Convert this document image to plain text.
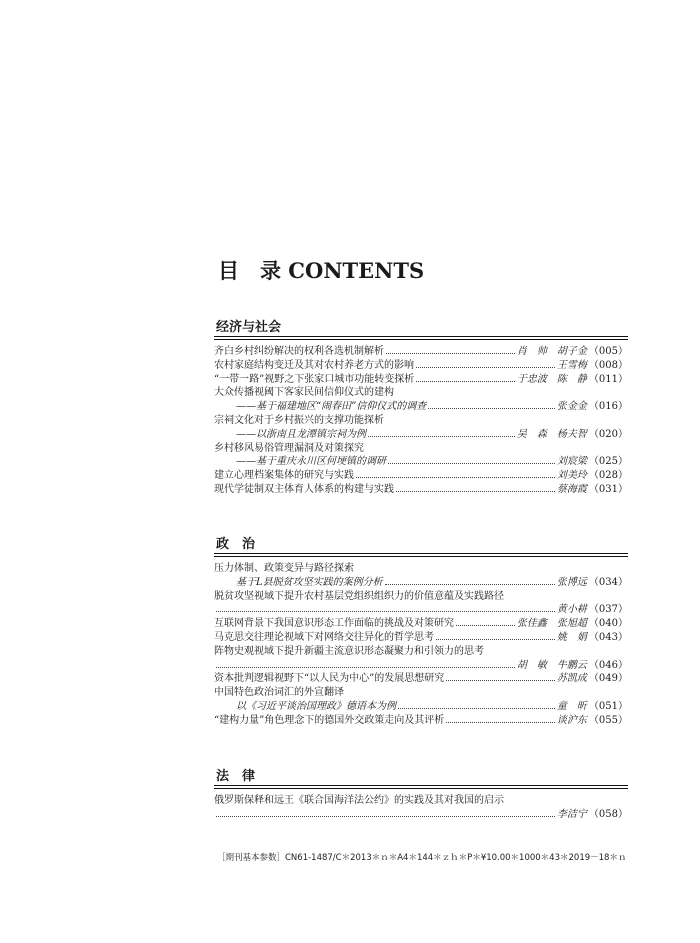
目　录 CONTENTS
经济与社会
齐白乡村纠纷解决的权利各选机制解析	肖　帅　胡子金 （005）
农村家庭结构变迁及其对农村养老方式的影响	王雪梅 （008）
“一带一路”视野之下张家口城市功能转变探析	于忠波　陈　静 （011）
大众传播视阈下客家民间信仰仪式的建构
——基于福建地区“闹春田”信仰仪式的调查	张金金 （016）
宗祠文化对于乡村振兴的支撑功能探析
——以浙南且龙潭镇宗祠为例	吴　森　杨夫智 （020）
乡村移风易俗管理漏洞及对策探究
——基于重庆永川区何埂镇的调研	刘宸梁 （025）
建立心理档案集体的研究与实践	刘美玲 （028）
现代学徒制双主体育人体系的构建与实践	蔡海霞 （031）
政　治
压力体制、政策变异与路径探索
基于L县脱贫攻坚实践的案例分析	张博远 （034）
脱贫攻坚视域下提升农村基层党组织组织力的价值意蕴及实践路径
黄小耕 （037）
互联网背景下我国意识形态工作面临的挑战及对策研究	张佳鑫　张旭超 （040）
马克思交往理论视域下对网络交往异化的哲学思考	姚　娟 （043）
阵物史观视域下提升新疆主流意识形态凝聚力和引领力的思考
胡　敏　牛鹏云 （046）
资本批判逻辑视野下“以人民为中心”的发展思想研究	苏凯成 （049）
中国特色政治词汇的外宣翻译
以《习近平谈治国理政》德语本为例	童　昕 （051）
“建构力量”角色理念下的德国外交政策走向及其评析	谈沪东 （055）
法　律
俄罗斯保释和远王《联合国海洋法公约》的实践及其对我国的启示
李洁宁 （058）
［期刊基本参数］CN61-1487/C＊2013＊ｎ＊A4＊144＊ｚｈ＊P＊¥10.00＊1000＊43＊2019－18＊ｎ
